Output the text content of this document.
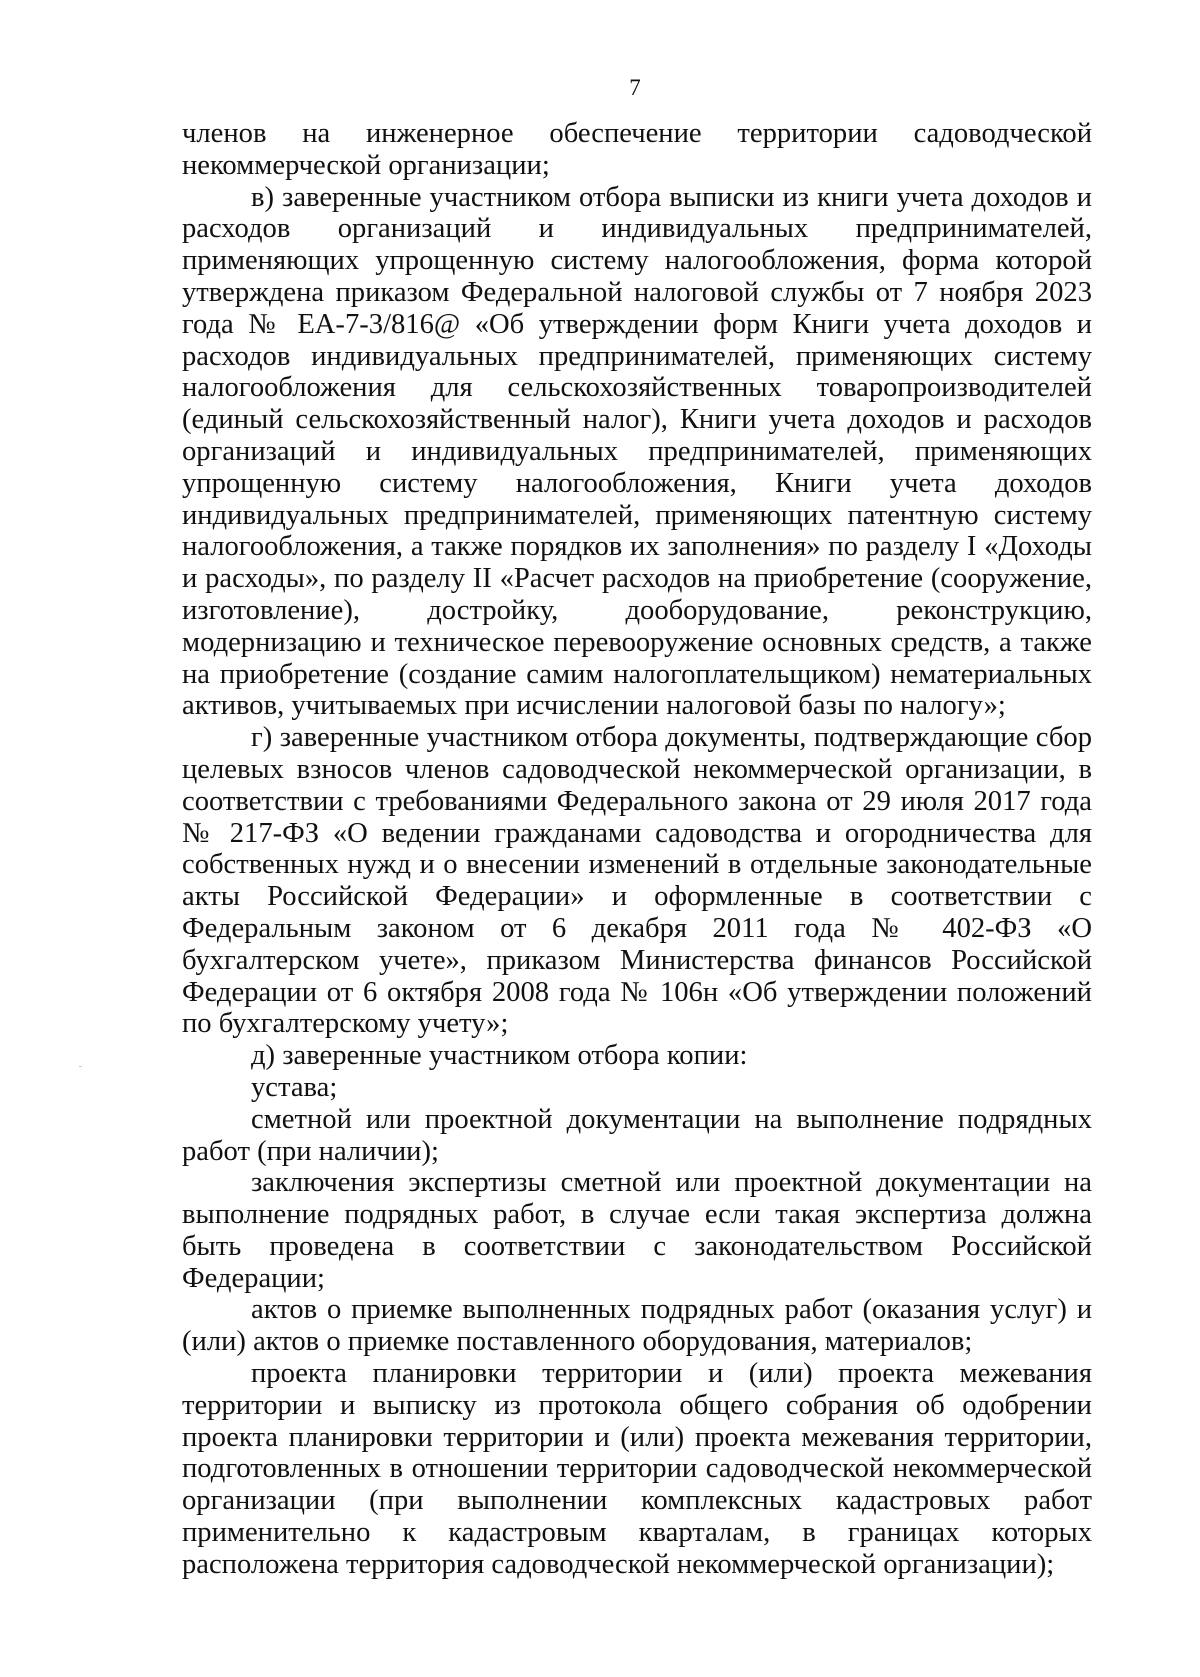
7

членов на инженерное обеспечение территории садоводческой некоммерческой организации;

в) заверенные участником отбора выписки из книги учета доходов и расходов организаций и индивидуальных предпринимателей, применяющих упрощенную систему налогообложения, форма которой утверждена приказом Федеральной налоговой службы от 7 ноября 2023 года № ЕА-7-3/816@ «Об утверждении форм Книги учета доходов и расходов индивидуальных предпринимателей, применяющих систему налогообложения для сельскохозяйственных товаропроизводителей (единый сельскохозяйственный налог), Книги учета доходов и расходов организаций и индивидуальных предпринимателей, применяющих упрощенную систему налогообложения, Книги учета доходов индивидуальных предпринимателей, применяющих патентную систему налогообложения, а также порядков их заполнения» по разделу I «Доходы и расходы», по разделу II «Расчет расходов на приобретение (сооружение, изготовление), достройку, дооборудование, реконструкцию, модернизацию и техническое перевооружение основных средств, а также на приобретение (создание самим налогоплательщиком) нематериальных активов, учитываемых при исчислении налоговой базы по налогу»;

г) заверенные участником отбора документы, подтверждающие сбор целевых взносов членов садоводческой некоммерческой организации, в соответствии с требованиями Федерального закона от 29 июля 2017 года № 217-ФЗ «О ведении гражданами садоводства и огородничества для собственных нужд и о внесении изменений в отдельные законодательные акты Российской Федерации» и оформленные в соответствии с Федеральным законом от 6 декабря 2011 года № 402-ФЗ «О бухгалтерском учете», приказом Министерства финансов Российской Федерации от 6 октября 2008 года № 106н «Об утверждении положений по бухгалтерскому учету»;

д) заверенные участником отбора копии:

устава;

сметной или проектной документации на выполнение подрядных работ (при наличии);

заключения экспертизы сметной или проектной документации на выполнение подрядных работ, в случае если такая экспертиза должна быть проведена в соответствии с законодательством Российской Федерации;

актов о приемке выполненных подрядных работ (оказания услуг) и (или) актов о приемке поставленного оборудования, материалов;

проекта планировки территории и (или) проекта межевания территории и выписку из протокола общего собрания об одобрении проекта планировки территории и (или) проекта межевания территории, подготовленных в отношении территории садоводческой некоммерческой организации (при выполнении комплексных кадастровых работ применительно к кадастровым кварталам, в границах которых расположена территория садоводческой некоммерческой организации);
